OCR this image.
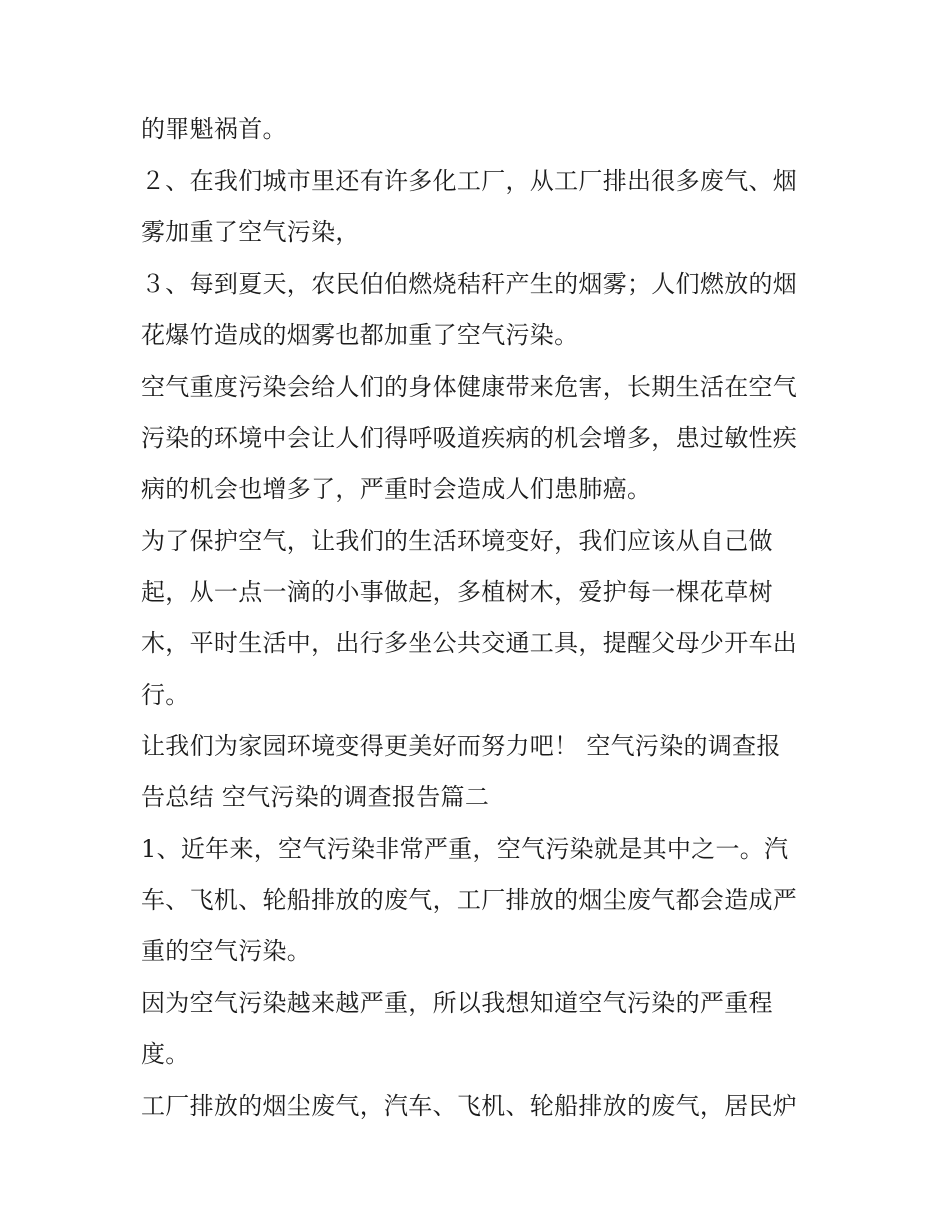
的罪魁祸首。
２、在我们城市里还有许多化工厂，从工厂排出很多废气、烟
雾加重了空气污染，
３、每到夏天，农民伯伯燃烧秸秆产生的烟雾；人们燃放的烟
花爆竹造成的烟雾也都加重了空气污染。
空气重度污染会给人们的身体健康带来危害，长期生活在空气
污染的环境中会让人们得呼吸道疾病的机会增多，患过敏性疾
病的机会也增多了，严重时会造成人们患肺癌。
为了保护空气，让我们的生活环境变好，我们应该从自己做
起，从一点一滴的小事做起，多植树木，爱护每一棵花草树
木，平时生活中，出行多坐公共交通工具，提醒父母少开车出
行。
让我们为家园环境变得更美好而努力吧！ 空气污染的调查报
告总结 空气污染的调查报告篇二
1、近年来，空气污染非常严重，空气污染就是其中之一。汽
车、飞机、轮船排放的废气，工厂排放的烟尘废气都会造成严
重的空气污染。
因为空气污染越来越严重，所以我想知道空气污染的严重程
度。
工厂排放的烟尘废气，汽车、飞机、轮船排放的废气，居民炉
